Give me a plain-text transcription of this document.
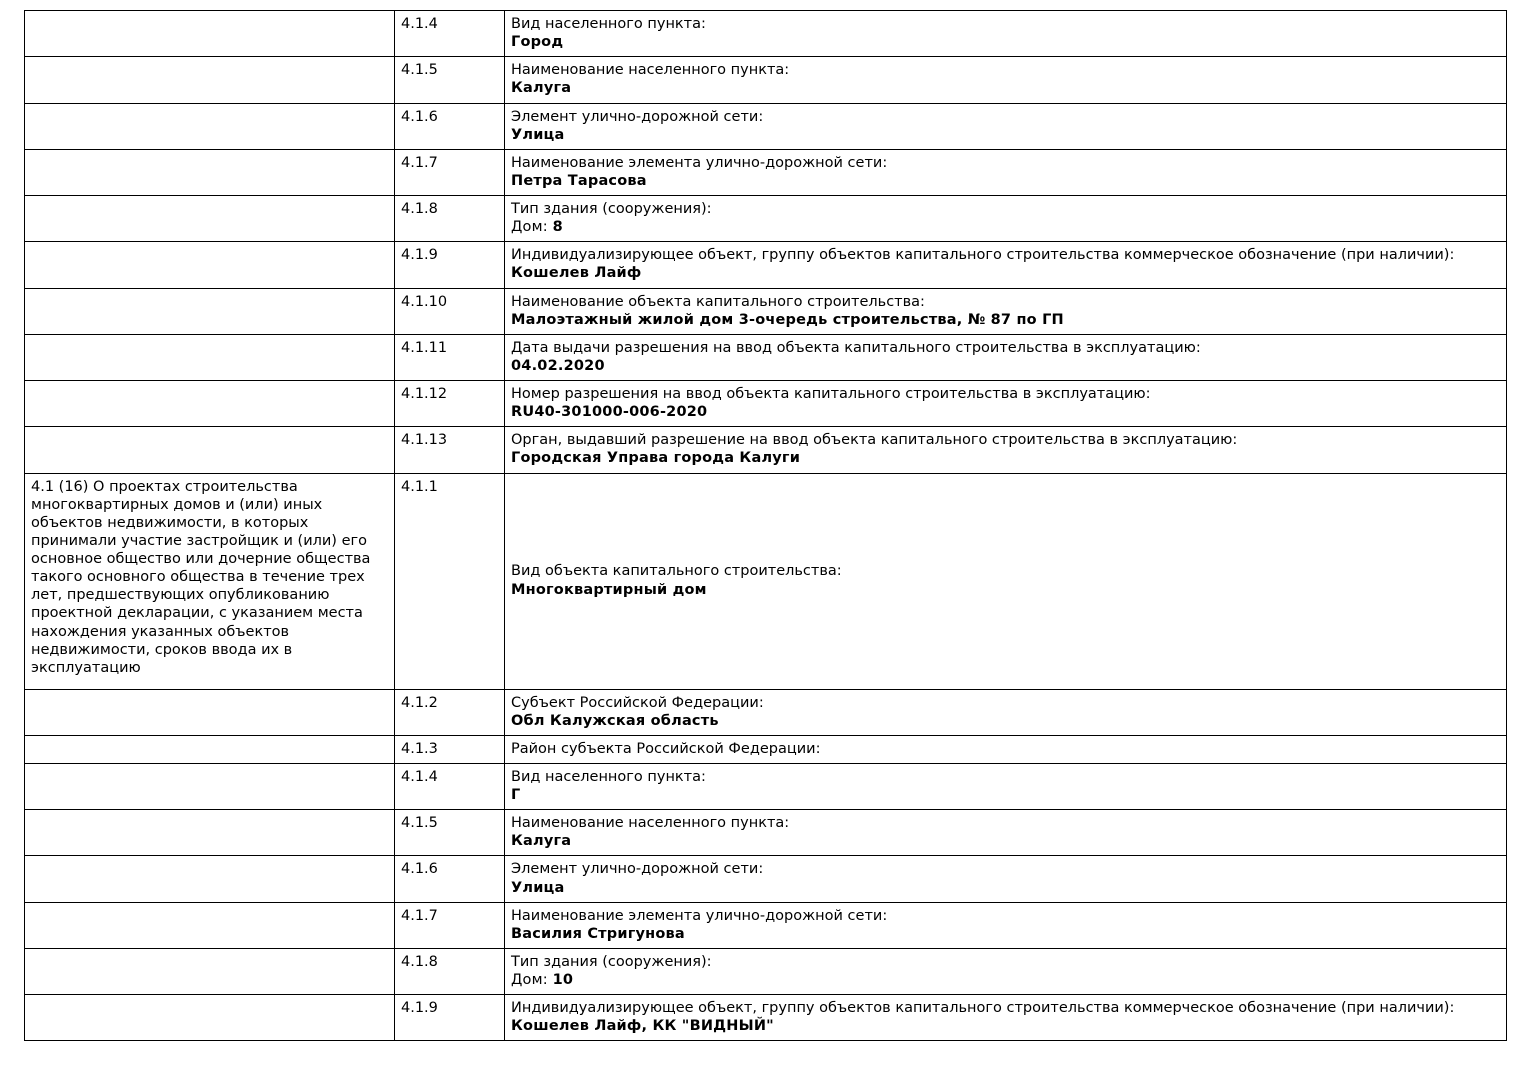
	4.1.4	Вид населенного пункта:
Город

	4.1.5	Наименование населенного пункта:
Калуга

	4.1.6	Элемент улично-дорожной сети:
Улица

	4.1.7	Наименование элемента улично-дорожной сети:
Петра Тарасова

	4.1.8	Тип здания (сооружения):
Дом: 8

	4.1.9	Индивидуализирующее объект, группу объектов капитального строительства коммерческое обозначение (при наличии):
Кошелев Лайф

	4.1.10	Наименование объекта капитального строительства:
Малоэтажный жилой дом 3-очередь строительства, № 87 по ГП

	4.1.11	Дата выдачи разрешения на ввод объекта капитального строительства в эксплуатацию:
04.02.2020

	4.1.12	Номер разрешения на ввод объекта капитального строительства в эксплуатацию:
RU40-301000-006-2020

	4.1.13	Орган, выдавший разрешение на ввод объекта капитального строительства в эксплуатацию:
Городская Управа города Калуги

4.1 (16) О проектах строительства многоквартирных домов и (или) иных объектов недвижимости, в которых принимали участие застройщик и (или) его основное общество или дочерние общества такого основного общества в течение трех лет, предшествующих опубликованию проектной декларации, с указанием места нахождения указанных объектов недвижимости, сроков ввода их в эксплуатацию	4.1.1	Вид объекта капитального строительства:
Многоквартирный дом

	4.1.2	Субъект Российской Федерации:
Обл Калужская область

	4.1.3	Район субъекта Российской Федерации:

	4.1.4	Вид населенного пункта:
Г

	4.1.5	Наименование населенного пункта:
Калуга

	4.1.6	Элемент улично-дорожной сети:
Улица

	4.1.7	Наименование элемента улично-дорожной сети:
Василия Стригунова

	4.1.8	Тип здания (сооружения):
Дом: 10

	4.1.9	Индивидуализирующее объект, группу объектов капитального строительства коммерческое обозначение (при наличии):
Кошелев Лайф, КК "ВИДНЫЙ"
